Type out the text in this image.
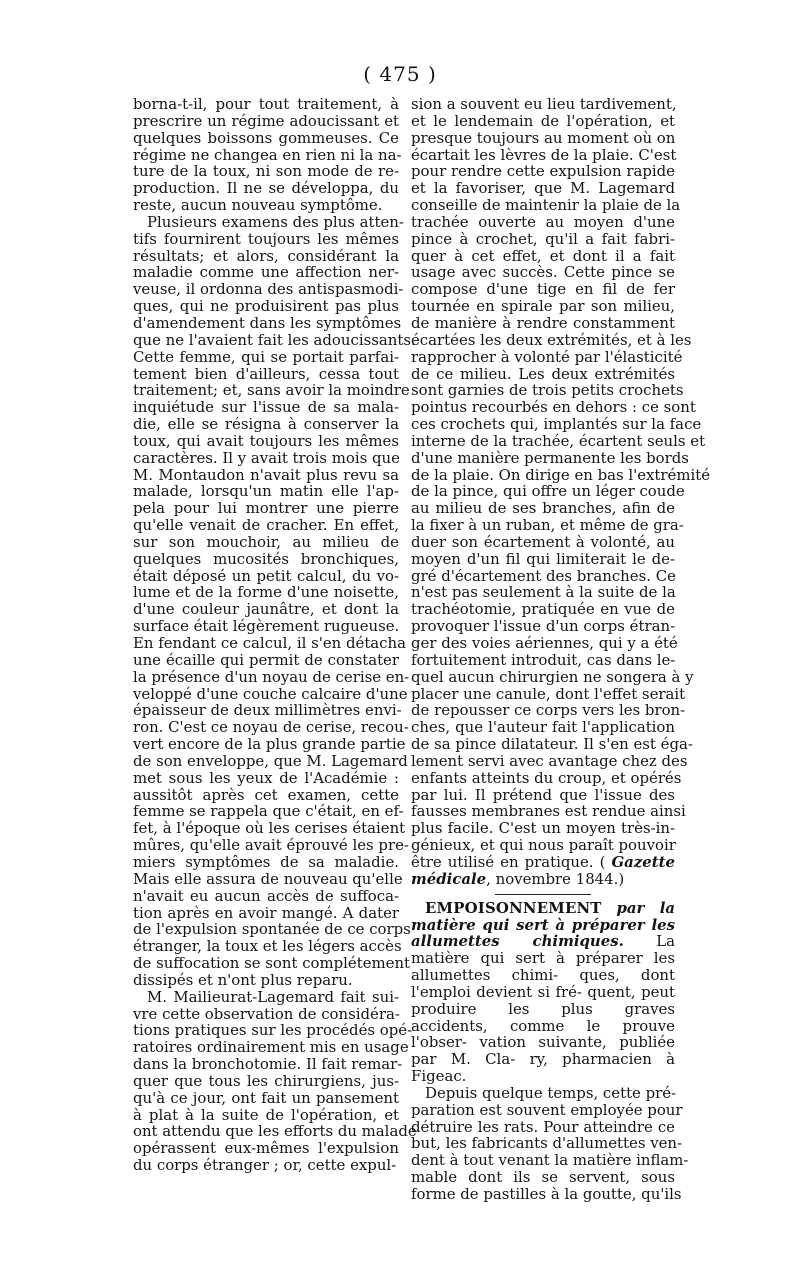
( 475 )

borna-t-il, pour tout traitement, à
prescrire un régime adoucissant et
quelques boissons gommeuses. Ce
régime ne changea en rien ni la na-
ture de la toux, ni son mode de re-
production. Il ne se développa, du
reste, aucun nouveau symptôme.

Plusieurs examens des plus atten-
tifs fournirent toujours les mêmes
résultats; et alors, considérant la
maladie comme une affection ner-
veuse, il ordonna des antispasmodi-
ques, qui ne produisirent pas plus
d'amendement dans les symptômes
que ne l'avaient fait les adoucissants.
Cette femme, qui se portait parfai-
tement bien d'ailleurs, cessa tout
traitement; et, sans avoir la moindre
inquiétude sur l'issue de sa mala-
die, elle se résigna à conserver la
toux, qui avait toujours les mêmes
caractères. Il y avait trois mois que
M. Montaudon n'avait plus revu sa
malade, lorsqu'un matin elle l'ap-
pela pour lui montrer une pierre
qu'elle venait de cracher. En effet,
sur son mouchoir, au milieu de
quelques mucosités bronchiques,
était déposé un petit calcul, du vo-
lume et de la forme d'une noisette,
d'une couleur jaunâtre, et dont la
surface était légèrement rugueuse.
En fendant ce calcul, il s'en détacha
une écaille qui permit de constater
la présence d'un noyau de cerise en-
veloppé d'une couche calcaire d'une
épaisseur de deux millimètres envi-
ron. C'est ce noyau de cerise, recou-
vert encore de la plus grande partie
de son enveloppe, que M. Lagemard
met sous les yeux de l'Académie :
aussitôt après cet examen, cette
femme se rappela que c'était, en ef-
fet, à l'époque où les cerises étaient
mûres, qu'elle avait éprouvé les pre-
miers symptômes de sa maladie.
Mais elle assura de nouveau qu'elle
n'avait eu aucun accès de suffoca-
tion après en avoir mangé. A dater
de l'expulsion spontanée de ce corps
étranger, la toux et les légers accès
de suffocation se sont complétement
dissipés et n'ont plus reparu.

M. Mailieurat-Lagemard fait sui-
vre cette observation de considéra-
tions pratiques sur les procédés opé-
ratoires ordinairement mis en usage
dans la bronchotomie. Il fait remar-
quer que tous les chirurgiens, jus-
qu'à ce jour, ont fait un pansement
à plat à la suite de l'opération, et
ont attendu que les efforts du malade
opérassent eux-mêmes l'expulsion
du corps étranger ; or, cette expul-

sion a souvent eu lieu tardivement,
et le lendemain de l'opération, et
presque toujours au moment où on
écartait les lèvres de la plaie. C'est
pour rendre cette expulsion rapide
et la favoriser, que M. Lagemard
conseille de maintenir la plaie de la
trachée ouverte au moyen d'une
pince à crochet, qu'il a fait fabri-
quer à cet effet, et dont il a fait
usage avec succès. Cette pince se
compose d'une tige en fil de fer
tournée en spirale par son milieu,
de manière à rendre constamment
écartées les deux extrémités, et à les
rapprocher à volonté par l'élasticité
de ce milieu. Les deux extrémités
sont garnies de trois petits crochets
pointus recourbés en dehors : ce sont
ces crochets qui, implantés sur la face
interne de la trachée, écartent seuls et
d'une manière permanente les bords
de la plaie. On dirige en bas l'extrémité
de la pince, qui offre un léger coude
au milieu de ses branches, afin de
la fixer à un ruban, et même de gra-
duer son écartement à volonté, au
moyen d'un fil qui limiterait le de-
gré d'écartement des branches. Ce
n'est pas seulement à la suite de la
trachéotomie, pratiquée en vue de
provoquer l'issue d'un corps étran-
ger des voies aériennes, qui y a été
fortuitement introduit, cas dans le-
quel aucun chirurgien ne songera à y
placer une canule, dont l'effet serait
de repousser ce corps vers les bron-
ches, que l'auteur fait l'application
de sa pince dilatateur. Il s'en est éga-
lement servi avec avantage chez des
enfants atteints du croup, et opérés
par lui. Il prétend que l'issue des
fausses membranes est rendue ainsi
plus facile. C'est un moyen très-in-
génieux, et qui nous paraît pouvoir
être utilisé en pratique. ( Gazette
médicale, novembre 1844.)

EMPOISONNEMENT par la matière qui sert à préparer les allumettes chimiques. La matière qui sert à préparer les allumettes chimi- ques, dont l'emploi devient si fré- quent, peut produire les plus graves accidents, comme le prouve l'obser- vation suivante, publiée par M. Cla- ry, pharmacien à Figeac.

Depuis quelque temps, cette pré-
paration est souvent employée pour
détruire les rats. Pour atteindre ce
but, les fabricants d'allumettes ven-
dent à tout venant la matière inflam-
mable dont ils se servent, sous
forme de pastilles à la goutte, qu'ils
